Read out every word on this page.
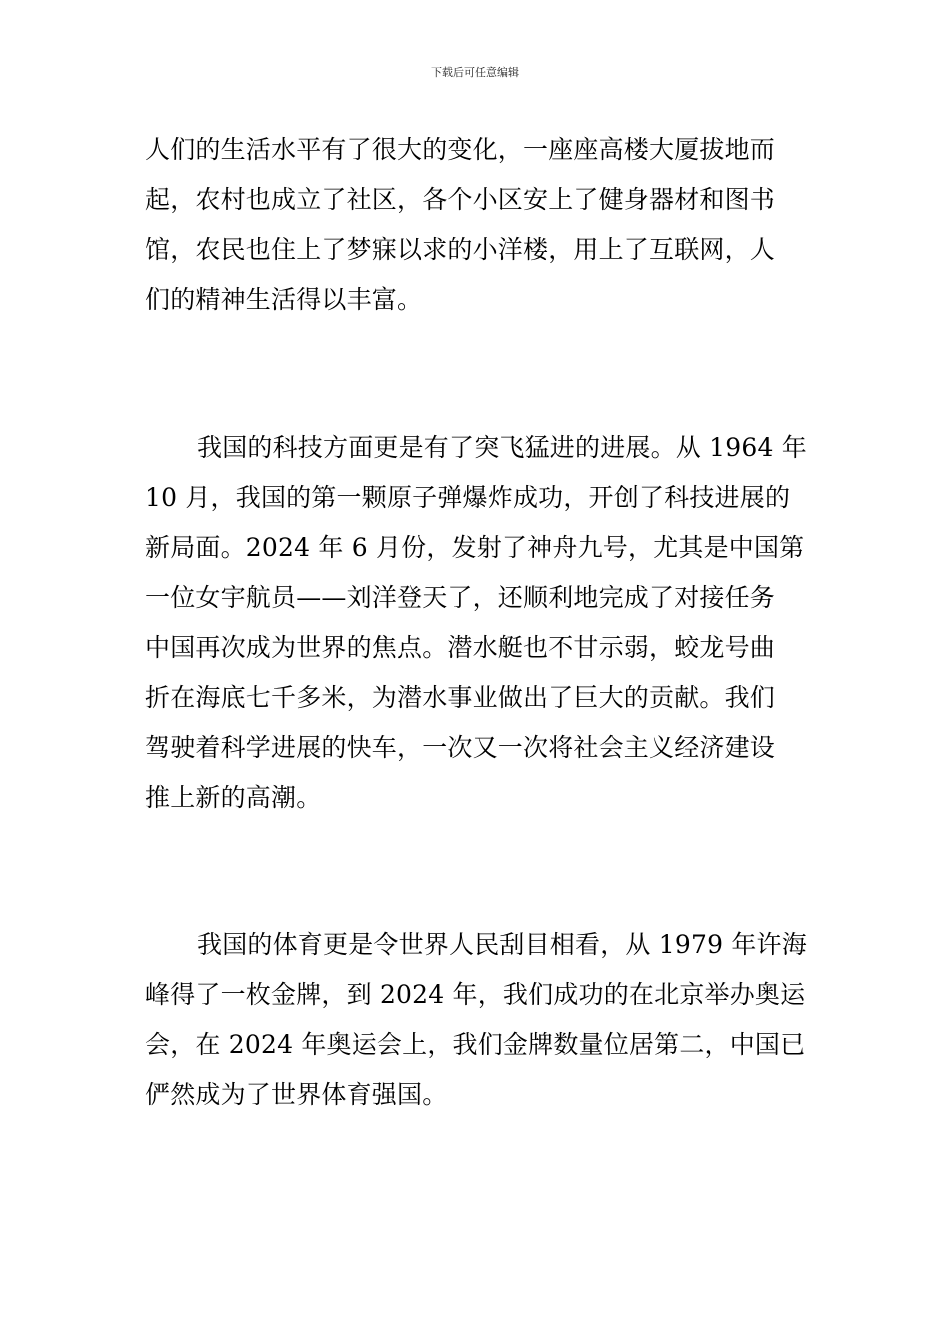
下载后可任意编辑
人们的生活水平有了很大的变化，一座座高楼大厦拔地而
起，农村也成立了社区，各个小区安上了健身器材和图书
馆，农民也住上了梦寐以求的小洋楼，用上了互联网，人
们的精神生活得以丰富。
我国的科技方面更是有了突飞猛进的进展。从 1964 年
10 月，我国的第一颗原子弹爆炸成功，开创了科技进展的
新局面。2024 年 6 月份，发射了神舟九号，尤其是中国第
一位女宇航员——刘洋登天了，还顺利地完成了对接任务
中国再次成为世界的焦点。潜水艇也不甘示弱，蛟龙号曲
折在海底七千多米，为潜水事业做出了巨大的贡献。我们
驾驶着科学进展的快车，一次又一次将社会主义经济建设
推上新的高潮。
我国的体育更是令世界人民刮目相看，从 1979 年许海
峰得了一枚金牌，到 2024 年，我们成功的在北京举办奥运
会，在 2024 年奥运会上，我们金牌数量位居第二，中国已
俨然成为了世界体育强国。
